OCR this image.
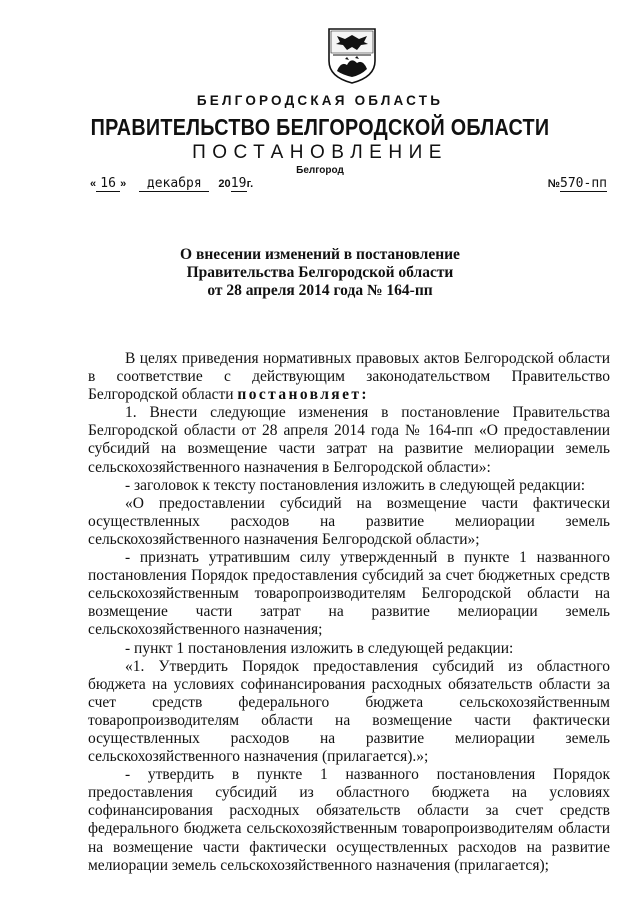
БЕЛГОРОДСКАЯ ОБЛАСТЬ
ПРАВИТЕЛЬСТВО БЕЛГОРОДСКОЙ ОБЛАСТИ
ПОСТАНОВЛЕНИЕ
Белгород
« 16 » декабря 2019г.	№570-пп
О внесении изменений в постановление
Правительства Белгородской области
от 28 апреля 2014 года № 164-пп

В целях приведения нормативных правовых актов Белгородской области в соответствие с действующим законодательством Правительство Белгородской области постановляет:

1. Внести следующие изменения в постановление Правительства Белгородской области от 28 апреля 2014 года № 164-пп «О предоставлении субсидий на возмещение части затрат на развитие мелиорации земель сельскохозяйственного назначения в Белгородской области»:

- заголовок к тексту постановления изложить в следующей редакции:

«О предоставлении субсидий на возмещение части фактически осуществленных расходов на развитие мелиорации земель сельскохозяйственного назначения Белгородской области»;

- признать утратившим силу утвержденный в пункте 1 названного постановления Порядок предоставления субсидий за счет бюджетных средств сельскохозяйственным товаропроизводителям Белгородской области на возмещение части затрат на развитие мелиорации земель сельскохозяйственного назначения;

- пункт 1 постановления изложить в следующей редакции:

«1. Утвердить Порядок предоставления субсидий из областного бюджета на условиях софинансирования расходных обязательств области за счет средств федерального бюджета сельскохозяйственным товаропроизводителям области на возмещение части фактически осуществленных расходов на развитие мелиорации земель сельскохозяйственного назначения (прилагается).»;

- утвердить в пункте 1 названного постановления Порядок предоставления субсидий из областного бюджета на условиях софинансирования расходных обязательств области за счет средств федерального бюджета сельскохозяйственным товаропроизводителям области на возмещение части фактически осуществленных расходов на развитие мелиорации земель сельскохозяйственного назначения (прилагается);
